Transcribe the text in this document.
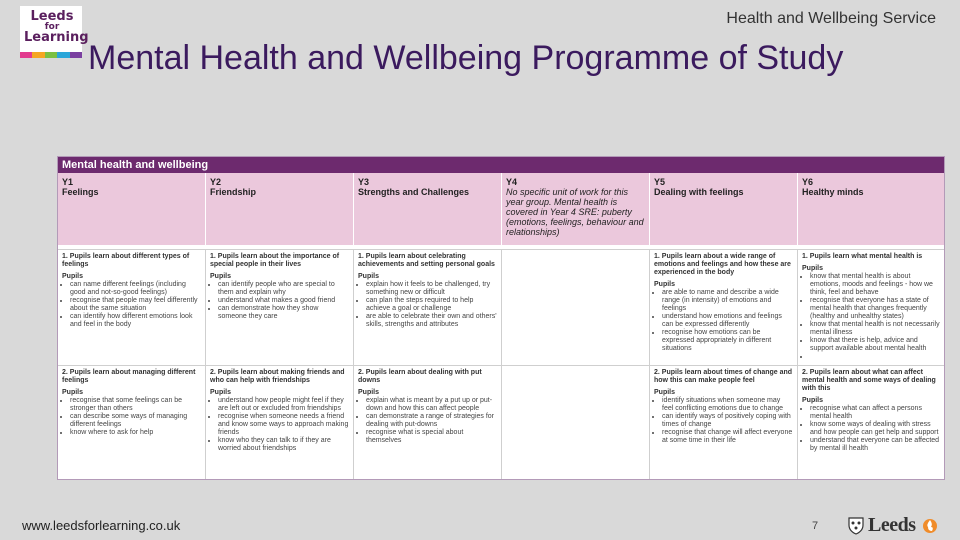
Leeds
for
Learning
Health and Wellbeing Service
Mental Health and Wellbeing Programme of Study
Mental health and wellbeing
Y1
Feelings
Y2
Friendship
Y3
Strengths and Challenges
Y4
No specific unit of work for this year group. Mental health is covered in Year 4 SRE: puberty (emotions, feelings, behaviour and relationships)
Y5
Dealing with feelings
Y6
Healthy minds
1. Pupils learn about different types of feelings
Pupils
• can name different feelings (including good and not-so-good feelings)
• recognise that people may feel differently about the same situation
• can identify how different emotions look and feel in the body
1. Pupils learn about the importance of special people in their lives
Pupils
• can identify people who are special to them and explain why
• understand what makes a good friend
• can demonstrate how they show someone they care
1. Pupils learn about celebrating achievements and setting personal goals
Pupils
• explain how it feels to be challenged, try something new or difficult
• can plan the steps required to help achieve a goal or challenge
• are able to celebrate their own and others' skills, strengths and attributes
1. Pupils learn about a wide range of emotions and feelings and how these are experienced in the body
Pupils
• are able to name and describe a wide range (in intensity) of emotions and feelings
• understand how emotions and feelings can be expressed differently
• recognise how emotions can be expressed appropriately in different situations
1. Pupils learn what mental health is
Pupils
• know that mental health is about emotions, moods and feelings - how we think, feel and behave
• recognise that everyone has a state of mental health that changes frequently (healthy and unhealthy states)
• know that mental health is not necessarily mental illness
• know that there is help, advice and support available about mental health
•
2. Pupils learn about managing different feelings
Pupils
• recognise that some feelings can be stronger than others
• can describe some ways of managing different feelings
• know where to ask for help
2. Pupils learn about making friends and who can help with friendships
Pupils
• understand how people might feel if they are left out or excluded from friendships
• recognise when someone needs a friend and know some ways to approach making friends
• know who they can talk to if they are worried about friendships
2. Pupils learn about dealing with put downs
Pupils
• explain what is meant by a put up or put-down and how this can affect people
• can demonstrate a range of strategies for dealing with put-downs
• recognise what is special about themselves
2. Pupils learn about times of change and how this can make people feel
Pupils
• identify situations when someone may feel conflicting emotions due to change
• can identify ways of positively coping with times of change
• recognise that change will affect everyone at some time in their life
2. Pupils learn about what can affect mental health and some ways of dealing with this
Pupils
• recognise what can affect a persons mental health
• know some ways of dealing with stress and how people can get help and support
• understand that everyone can be affected by mental ill health
www.leedsforlearning.co.uk	7 Leeds
